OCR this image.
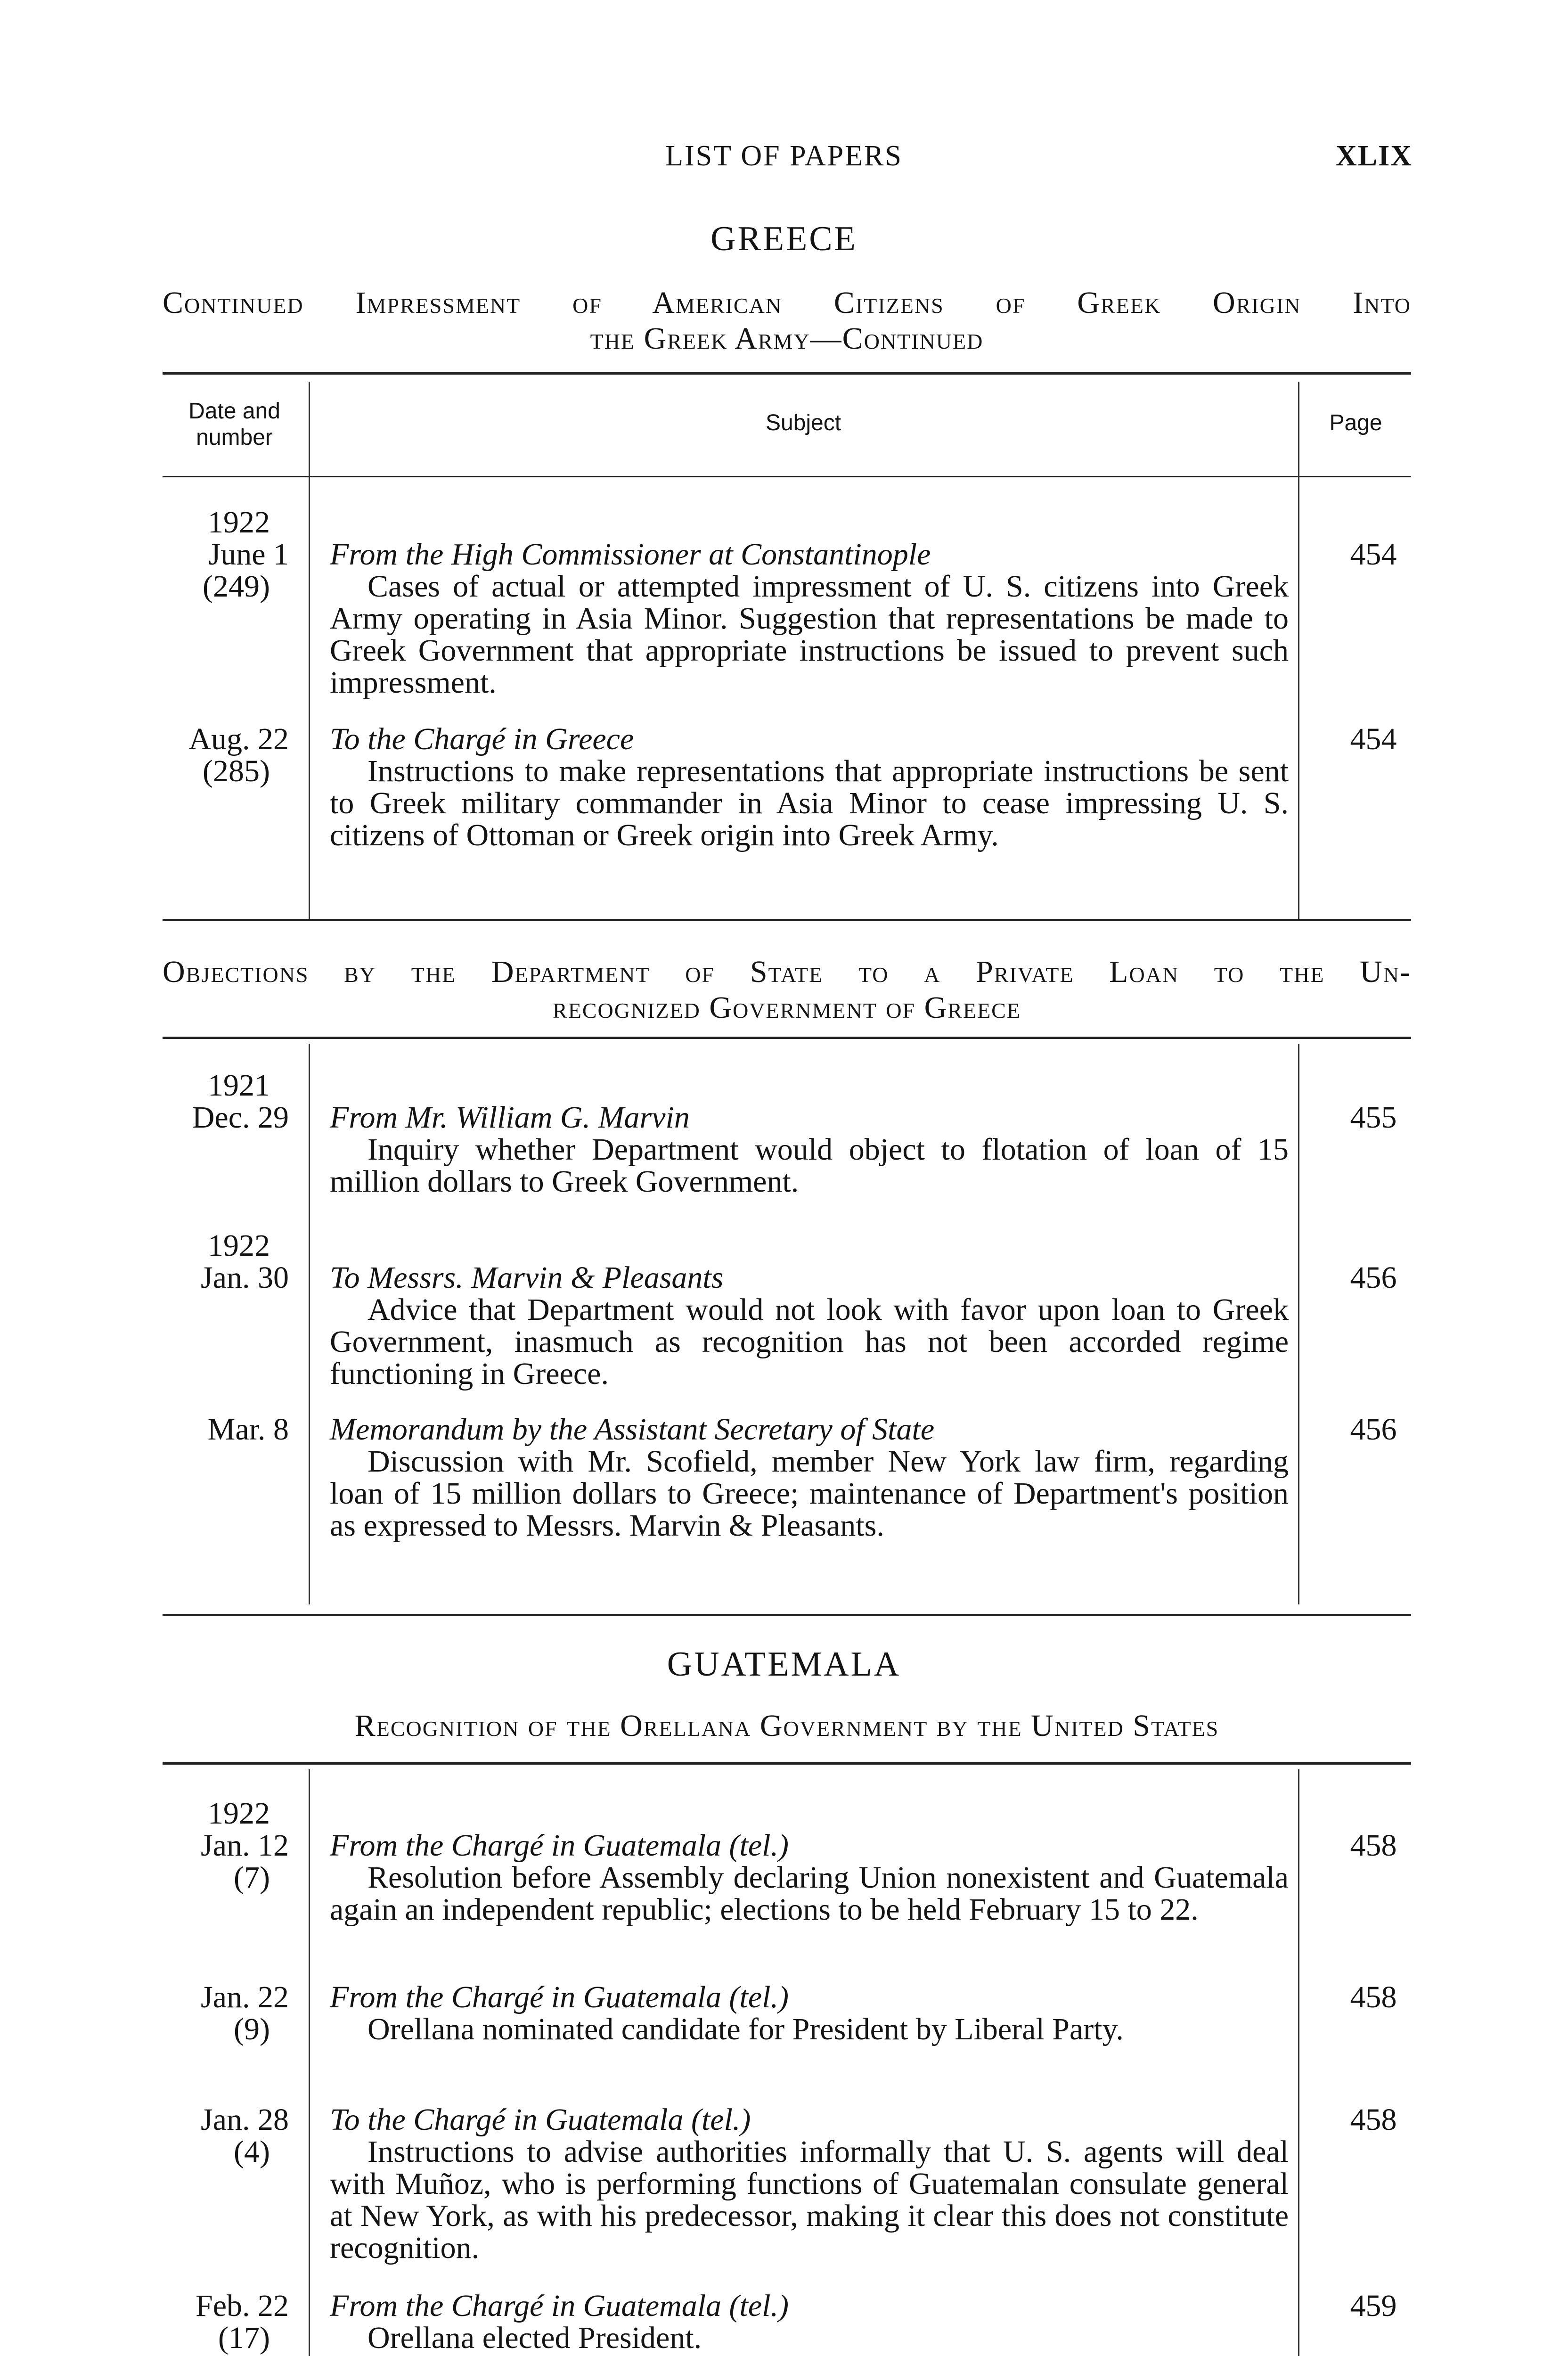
LIST OF PAPERS	XLIX
GREECE
Continued Impressment of American Citizens of Greek Origin Into
the Greek Army—Continued
Date and number
Subject	Page
1922
June 1
(249)
From the High Commissioner at Constantinople
Cases of actual or attempted impressment of U. S. citizens into Greek Army operating in Asia Minor. Suggestion that representations be made to Greek Government that appropriate instructions be issued to prevent such impressment.
454
Aug. 22
(285)
To the Chargé in Greece
Instructions to make representations that appropriate instructions be sent to Greek military commander in Asia Minor to cease impressing U. S. citizens of Ottoman or Greek origin into Greek Army.
454
Objections by the Department of State to a Private Loan to the Un-
recognized Government of Greece
1921
Dec. 29 From Mr. William G. Marvin
Inquiry whether Department would object to flotation of loan of 15 million dollars to Greek Government.
455
1922
Jan. 30 To Messrs. Marvin & Pleasants
Advice that Department would not look with favor upon loan to Greek Government, inasmuch as recognition has not been accorded regime functioning in Greece.
456
Mar. 8 Memorandum by the Assistant Secretary of State
Discussion with Mr. Scofield, member New York law firm, regarding loan of 15 million dollars to Greece; maintenance of Department's position as expressed to Messrs. Marvin & Pleasants.
456
GUATEMALA
Recognition of the Orellana Government by the United States
1922
Jan. 12
(7)
From the Chargé in Guatemala (tel.)
Resolution before Assembly declaring Union nonexistent and Guatemala again an independent republic; elections to be held February 15 to 22.
458
Jan. 22
(9)
From the Chargé in Guatemala (tel.)
Orellana nominated candidate for President by Liberal Party.
458
Jan. 28
(4)
To the Chargé in Guatemala (tel.)
Instructions to advise authorities informally that U. S. agents will deal with Muñoz, who is performing functions of Guatemalan consulate general at New York, as with his predecessor, making it clear this does not constitute recognition.
458
Feb. 22
(17)
From the Chargé in Guatemala (tel.)
Orellana elected President.
459
